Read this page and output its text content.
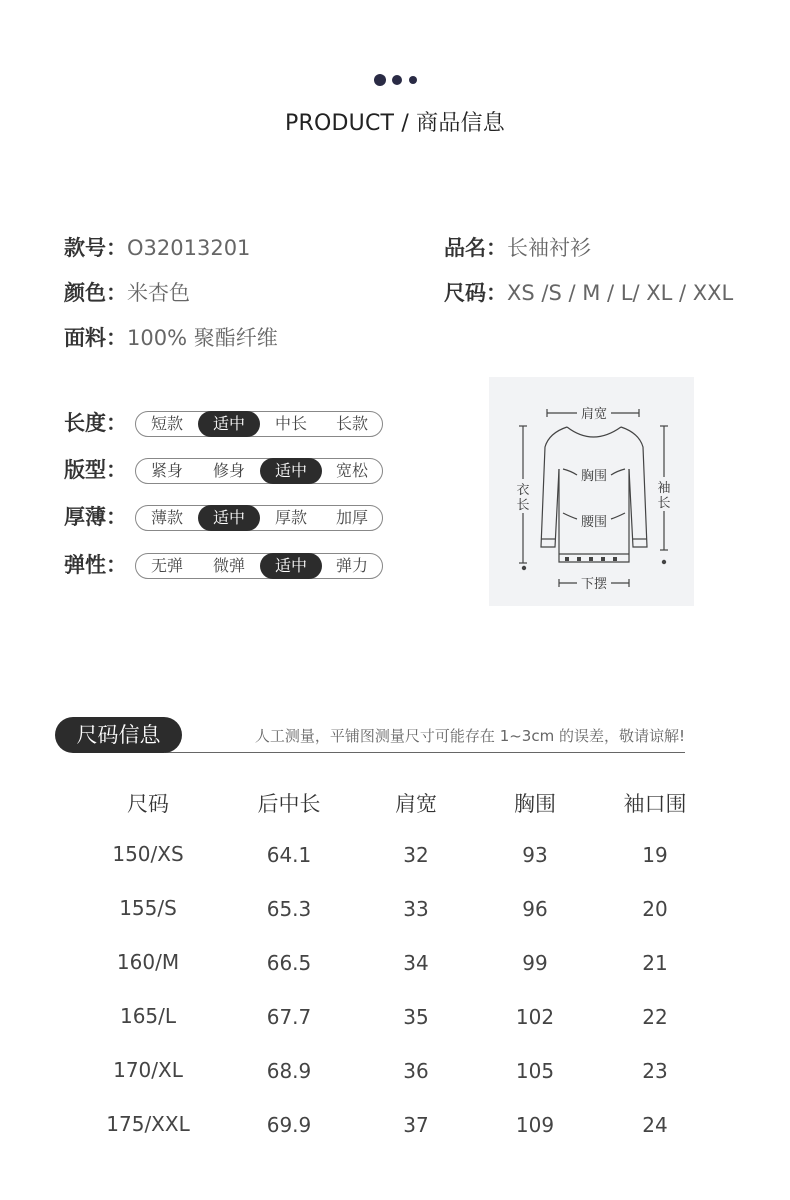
PRODUCT / 商品信息
款号：O32013201	品名：长袖衬衫
颜色：米杏色	尺码：XS /S / M / L/ XL / XXL
面料：100% 聚酯纤维
长度：	短款	适中	中长	长款
版型：	紧身	修身	适中	宽松
厚薄：	薄款	适中	厚款	加厚
弹性：	无弹	微弹	适中	弹力
肩宽
胸围
腰围
下摆
衣
长
袖
长
尺码信息	人工测量，平铺图测量尺寸可能存在 1~3cm 的误差，敬请谅解!
尺码	后中长	肩宽	胸围	袖口围
150/XS	64.1	32	93	19
155/S	65.3	33	96	20
160/M	66.5	34	99	21
165/L	67.7	35	102	22
170/XL	68.9	36	105	23
175/XXL	69.9	37	109	24
